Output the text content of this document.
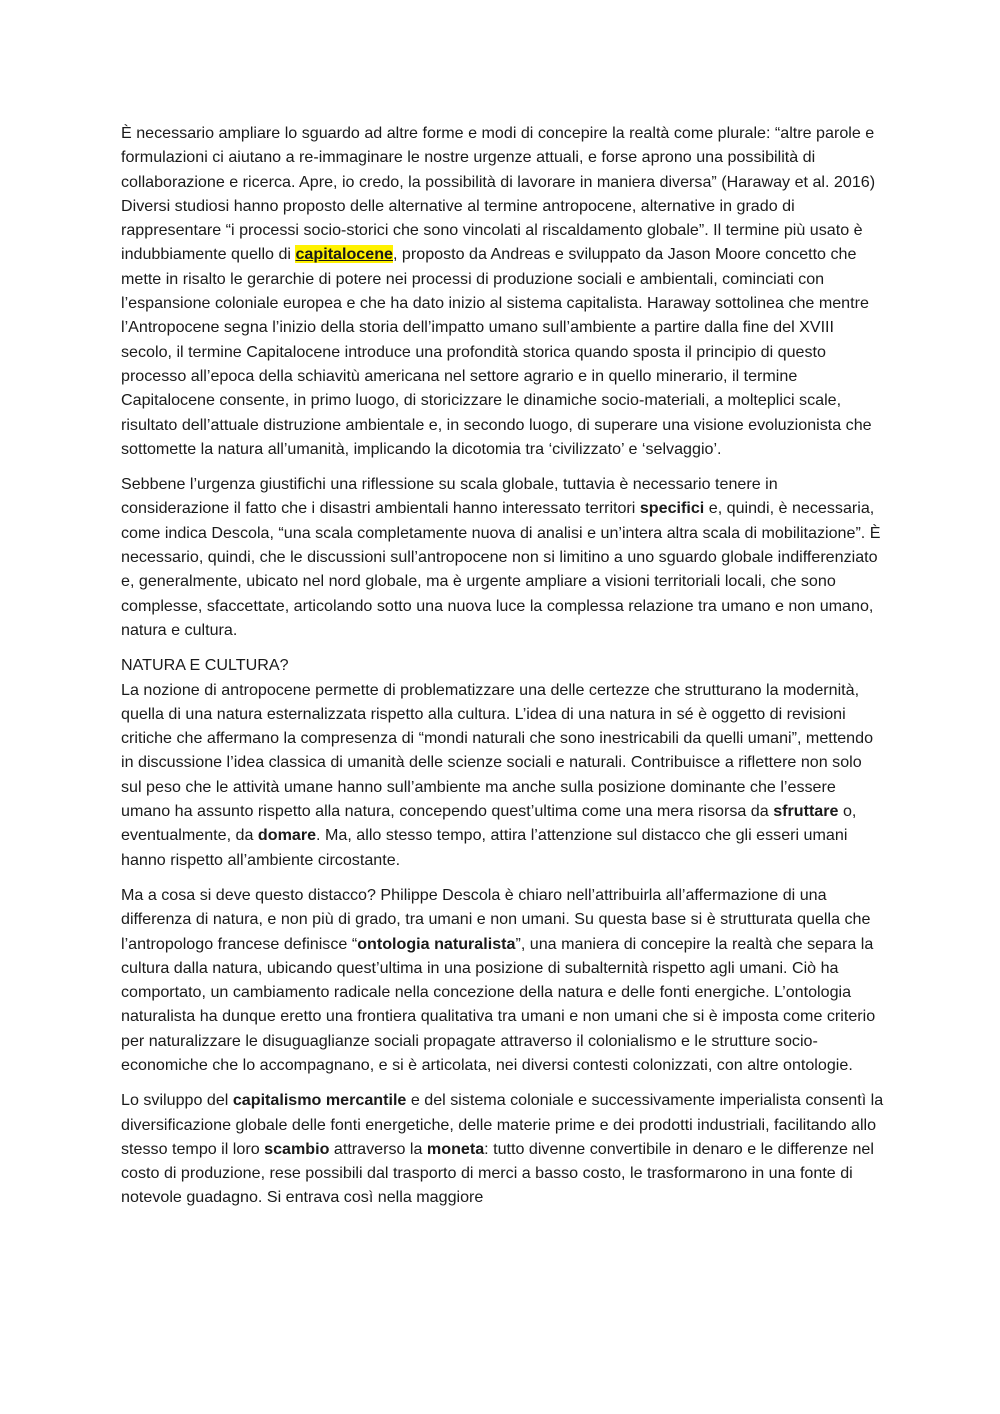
È necessario ampliare lo sguardo ad altre forme e modi di concepire la realtà come plurale: “altre parole e formulazioni ci aiutano a re-immaginare le nostre urgenze attuali, e forse aprono una possibilità di collaborazione e ricerca. Apre, io credo, la possibilità di lavorare in maniera diversa” (Haraway et al. 2016) Diversi studiosi hanno proposto delle alternative al termine antropocene, alternative in grado di rappresentare “i processi socio-storici che sono vincolati al riscaldamento globale”. Il termine più usato è indubbiamente quello di capitalocene, proposto da Andreas e sviluppato da Jason Moore concetto che mette in risalto le gerarchie di potere nei processi di produzione sociali e ambientali, cominciati con l’espansione coloniale europea e che ha dato inizio al sistema capitalista. Haraway sottolinea che mentre l’Antropocene segna l’inizio della storia dell’impatto umano sull’ambiente a partire dalla fine del XVIII secolo, il termine Capitalocene introduce una profondità storica quando sposta il principio di questo processo all’epoca della schiavitù americana nel settore agrario e in quello minerario, il termine Capitalocene consente, in primo luogo, di storicizzare le dinamiche socio-materiali, a molteplici scale, risultato dell’attuale distruzione ambientale e, in secondo luogo, di superare una visione evoluzionista che sottomette la natura all’umanità, implicando la dicotomia tra ‘civilizzato’ e ‘selvaggio’.

Sebbene l’urgenza giustifichi una riflessione su scala globale, tuttavia è necessario tenere in considerazione il fatto che i disastri ambientali hanno interessato territori specifici e, quindi, è necessaria, come indica Descola, “una scala completamente nuova di analisi e un’intera altra scala di mobilitazione”. È necessario, quindi, che le discussioni sull’antropocene non si limitino a uno sguardo globale indifferenziato e, generalmente, ubicato nel nord globale, ma è urgente ampliare a visioni territoriali locali, che sono complesse, sfaccettate, articolando sotto una nuova luce la complessa relazione tra umano e non umano, natura e cultura.

NATURA E CULTURA?

La nozione di antropocene permette di problematizzare una delle certezze che strutturano la modernità, quella di una natura esternalizzata rispetto alla cultura. L’idea di una natura in sé è oggetto di revisioni critiche che affermano la compresenza di “mondi naturali che sono inestricabili da quelli umani”, mettendo in discussione l’idea classica di umanità delle scienze sociali e naturali. Contribuisce a riflettere non solo sul peso che le attività umane hanno sull’ambiente ma anche sulla posizione dominante che l’essere umano ha assunto rispetto alla natura, concependo quest’ultima come una mera risorsa da sfruttare o, eventualmente, da domare. Ma, allo stesso tempo, attira l’attenzione sul distacco che gli esseri umani hanno rispetto all’ambiente circostante.

Ma a cosa si deve questo distacco? Philippe Descola è chiaro nell’attribuirla all’affermazione di una differenza di natura, e non più di grado, tra umani e non umani. Su questa base si è strutturata quella che l’antropologo francese definisce “ontologia naturalista”, una maniera di concepire la realtà che separa la cultura dalla natura, ubicando quest’ultima in una posizione di subalternità rispetto agli umani. Ciò ha comportato, un cambiamento radicale nella concezione della natura e delle fonti energiche. L’ontologia naturalista ha dunque eretto una frontiera qualitativa tra umani e non umani che si è imposta come criterio per naturalizzare le disuguaglianze sociali propagate attraverso il colonialismo e le strutture socio-economiche che lo accompagnano, e si è articolata, nei diversi contesti colonizzati, con altre ontologie.

Lo sviluppo del capitalismo mercantile e del sistema coloniale e successivamente imperialista consentì la diversificazione globale delle fonti energetiche, delle materie prime e dei prodotti industriali, facilitando allo stesso tempo il loro scambio attraverso la moneta: tutto divenne convertibile in denaro e le differenze nel costo di produzione, rese possibili dal trasporto di merci a basso costo, le trasformarono in una fonte di notevole guadagno. Si entrava così nella maggiore
